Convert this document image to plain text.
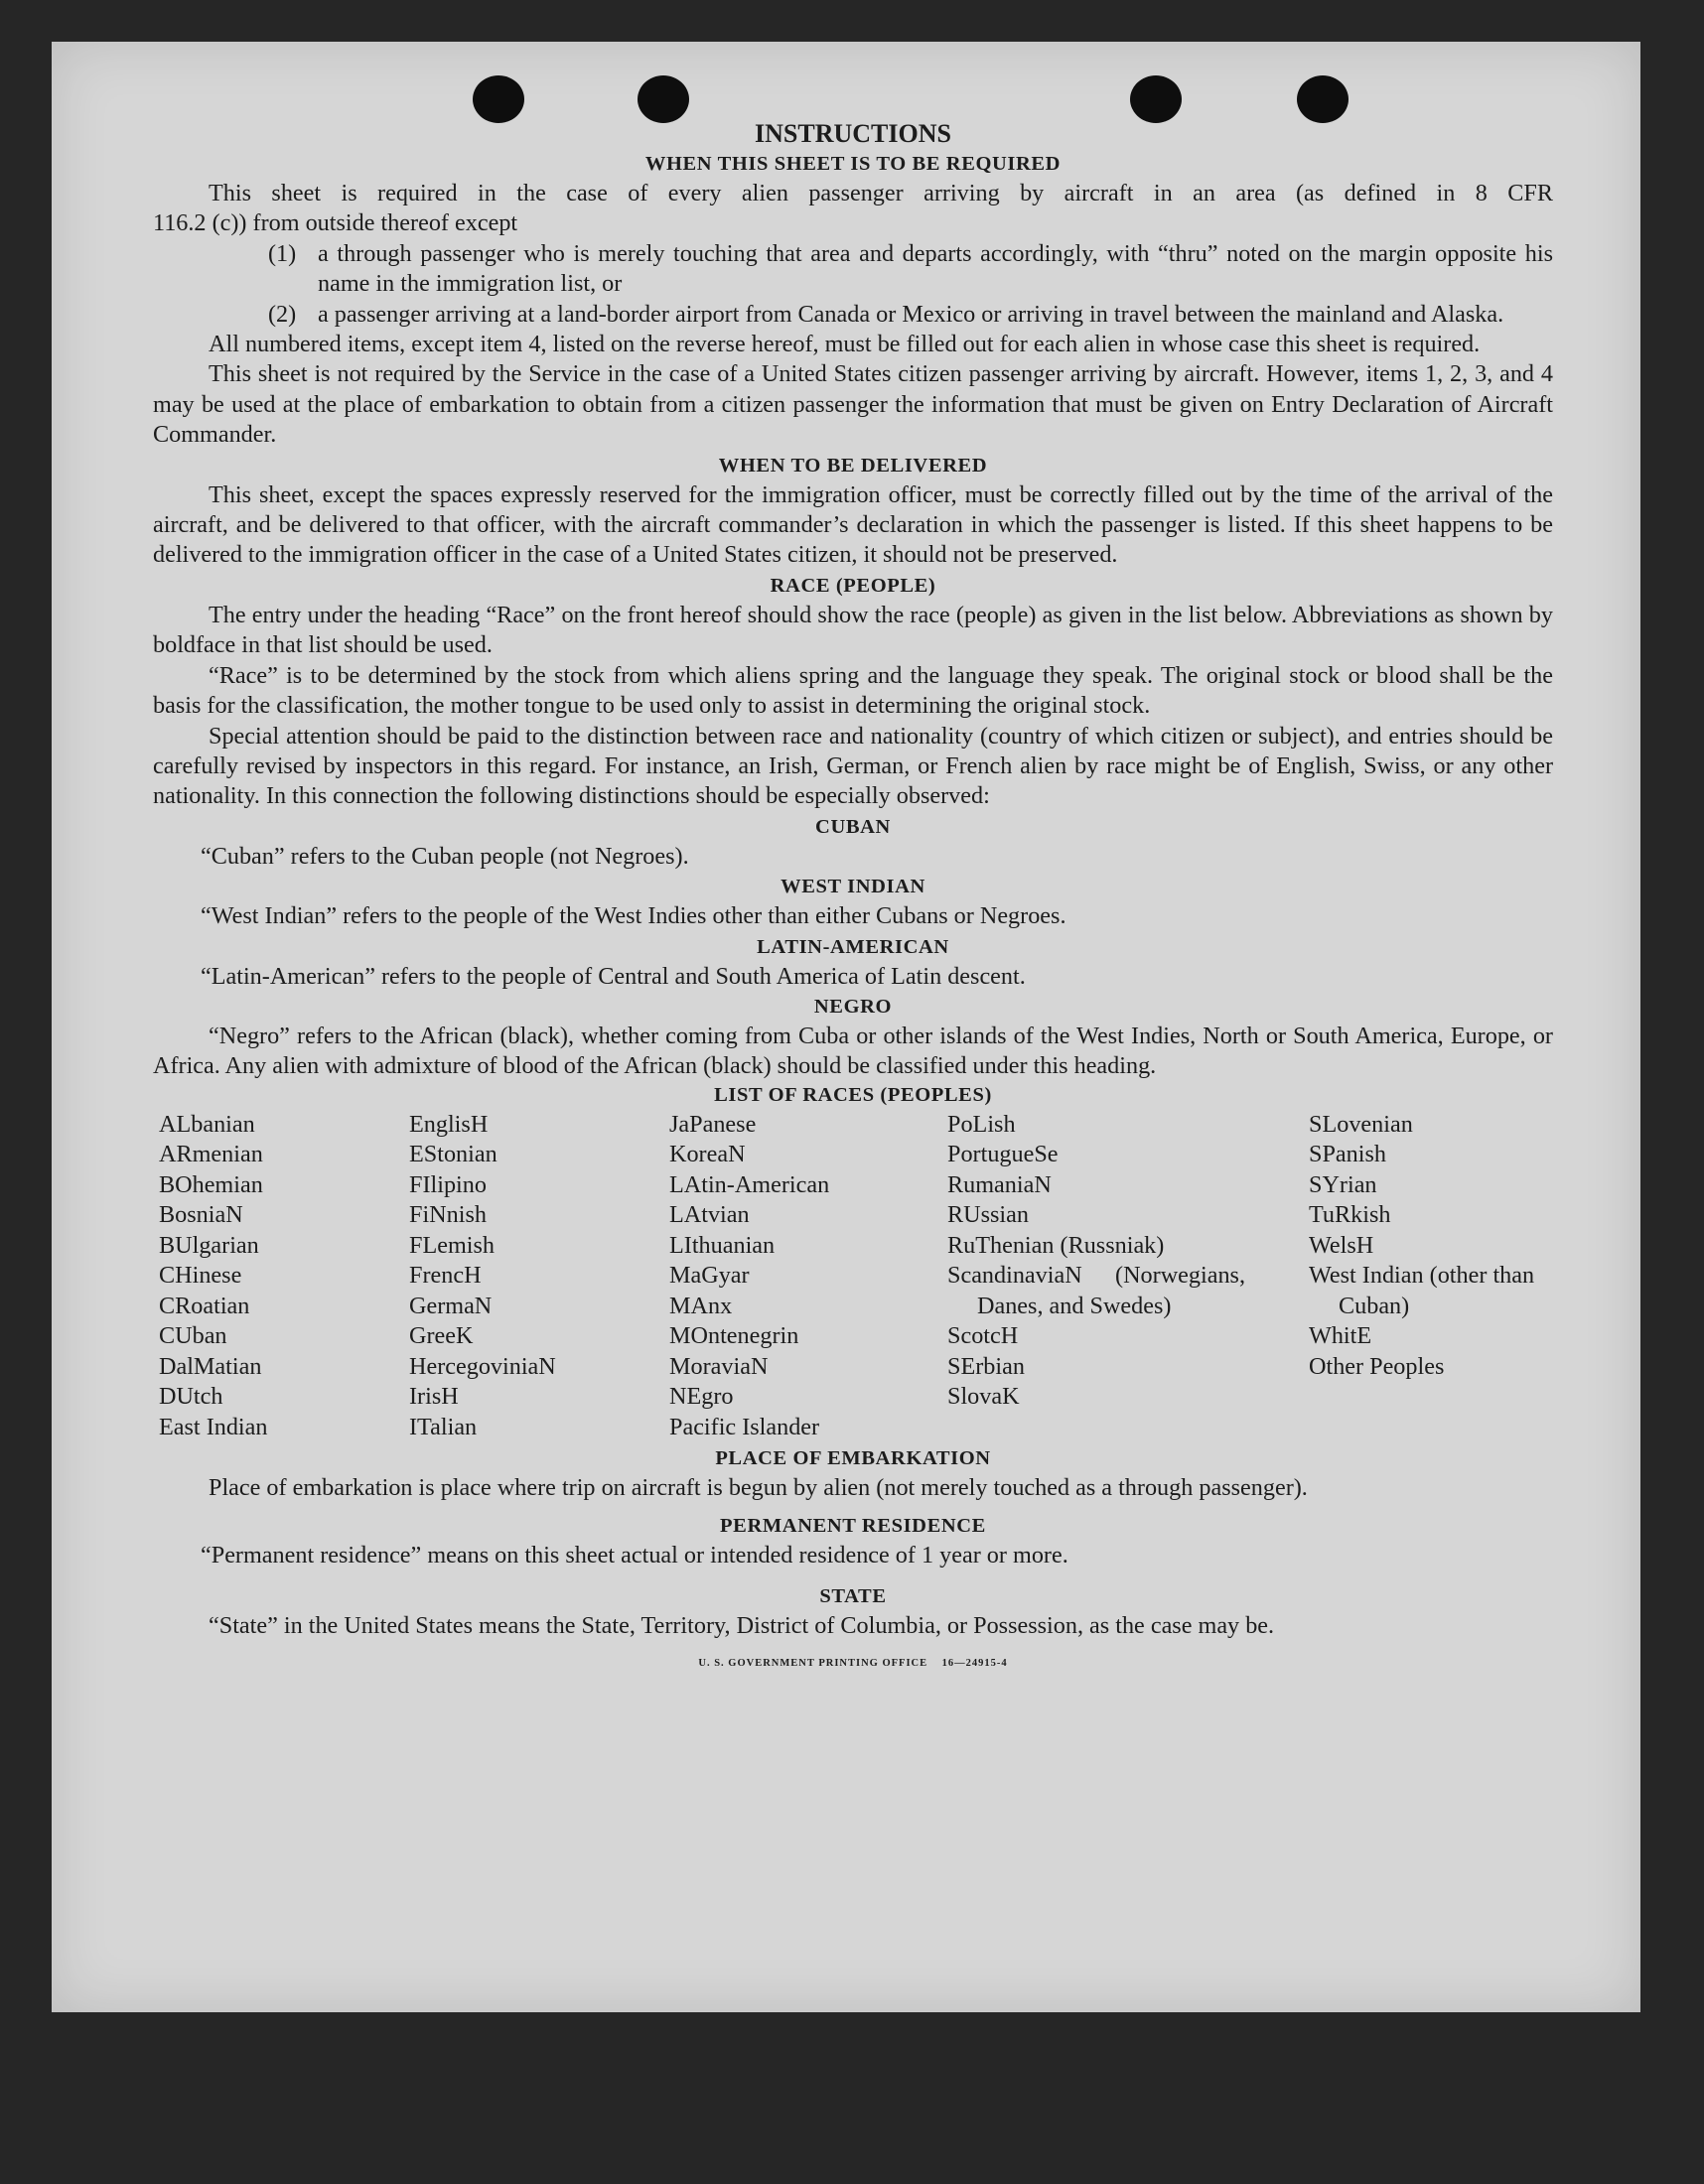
INSTRUCTIONS
WHEN THIS SHEET IS TO BE REQUIRED

This sheet is required in the case of every alien passenger arriving by aircraft in an area (as defined in 8 CFR

116.2 (c)) from outside thereof except

(1) a through passenger who is merely touching that area and departs accordingly, with “thru” noted on the margin opposite his name in the immigration list, or
(2) a passenger arriving at a land-border airport from Canada or Mexico or arriving in travel between the mainland and Alaska.

All numbered items, except item 4, listed on the reverse hereof, must be filled out for each alien in whose case this sheet is required.

This sheet is not required by the Service in the case of a United States citizen passenger arriving by aircraft. However, items 1, 2, 3, and 4 may be used at the place of embarkation to obtain from a citizen passenger the information that must be given on Entry Declaration of Aircraft Commander.

WHEN TO BE DELIVERED

This sheet, except the spaces expressly reserved for the immigration officer, must be correctly filled out by the time of the arrival of the aircraft, and be delivered to that officer, with the aircraft commander’s declaration in which the passenger is listed. If this sheet happens to be delivered to the immigration officer in the case of a United States citizen, it should not be preserved.

RACE (PEOPLE)

The entry under the heading “Race” on the front hereof should show the race (people) as given in the list below. Abbreviations as shown by boldface in that list should be used.

“Race” is to be determined by the stock from which aliens spring and the language they speak. The original stock or blood shall be the basis for the classification, the mother tongue to be used only to assist in determining the original stock.

Special attention should be paid to the distinction between race and nationality (country of which citizen or subject), and entries should be carefully revised by inspectors in this regard. For instance, an Irish, German, or French alien by race might be of English, Swiss, or any other nationality. In this connection the following distinctions should be especially observed:

CUBAN

“Cuban” refers to the Cuban people (not Negroes).

WEST INDIAN

“West Indian” refers to the people of the West Indies other than either Cubans or Negroes.

LATIN-AMERICAN

“Latin-American” refers to the people of Central and South America of Latin descent.

NEGRO

“Negro” refers to the African (black), whether coming from Cuba or other islands of the West Indies, North or South America, Europe, or Africa. Any alien with admixture of blood of the African (black) should be classified under this heading.

LIST OF RACES (PEOPLES)
ALbanian
ARmenian
BOhemian
BosniaN
BUlgarian
CHinese
CRoatian
CUban
DalMatian
DUtch
East Indian
EnglisH
EStonian
FIlipino
FiNnish
FLemish
FrencH
GermaN
GreeK
HercegoviniaN
IrisH
ITalian
JaPanese
KoreaN
LAtin-American
LAtvian
LIthuanian
MaGyar
MAnx
MOntenegrin
MoraviaN
NEgro
Pacific Islander
PoLish
PortugueSe
RumaniaN
RUssian
RuThenian (Russniak)
ScandinaviaN (Norwegians, Danes, and Swedes)
ScotcH
SErbian
SlovaK
SLovenian
SPanish
SYrian
TuRkish
WelsH
West Indian (other than Cuban)
WhitE
Other Peoples
PLACE OF EMBARKATION

Place of embarkation is place where trip on aircraft is begun by alien (not merely touched as a through passenger).

PERMANENT RESIDENCE

“Permanent residence” means on this sheet actual or intended residence of 1 year or more.

STATE

“State” in the United States means the State, Territory, District of Columbia, or Possession, as the case may be.

U. S. GOVERNMENT PRINTING OFFICE    16—24915-4
